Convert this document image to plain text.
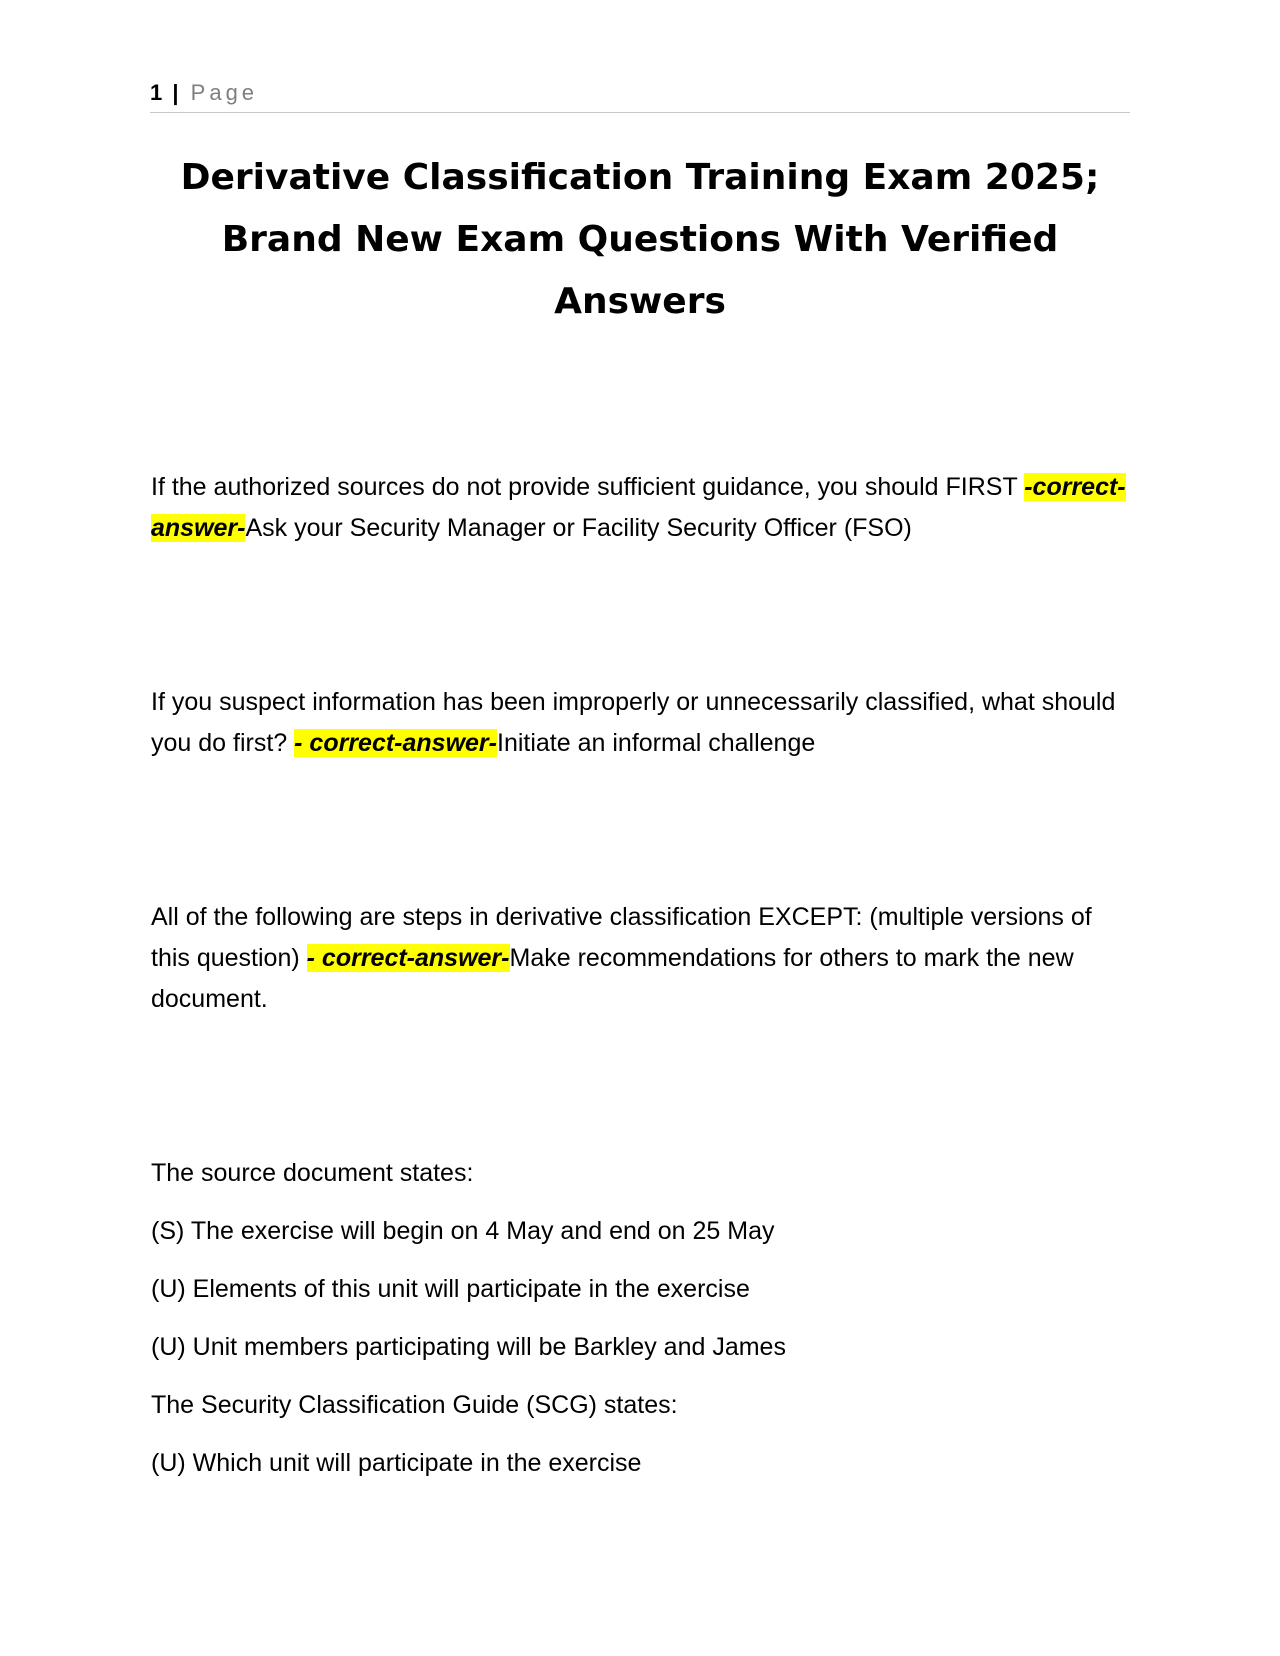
1 | Page
Derivative Classification Training Exam 2025;
Brand New Exam Questions With Verified
Answers

If the authorized sources do not provide sufficient guidance, you should FIRST -correct-answer-Ask your Security Manager or Facility Security Officer (FSO)

If you suspect information has been improperly or unnecessarily classified, what should you do first? - correct-answer-Initiate an informal challenge

All of the following are steps in derivative classification EXCEPT: (multiple versions of this question) - correct-answer-Make recommendations for others to mark the new document.

The source document states:

(S) The exercise will begin on 4 May and end on 25 May

(U) Elements of this unit will participate in the exercise

(U) Unit members participating will be Barkley and James

The Security Classification Guide (SCG) states:

(U) Which unit will participate in the exercise
